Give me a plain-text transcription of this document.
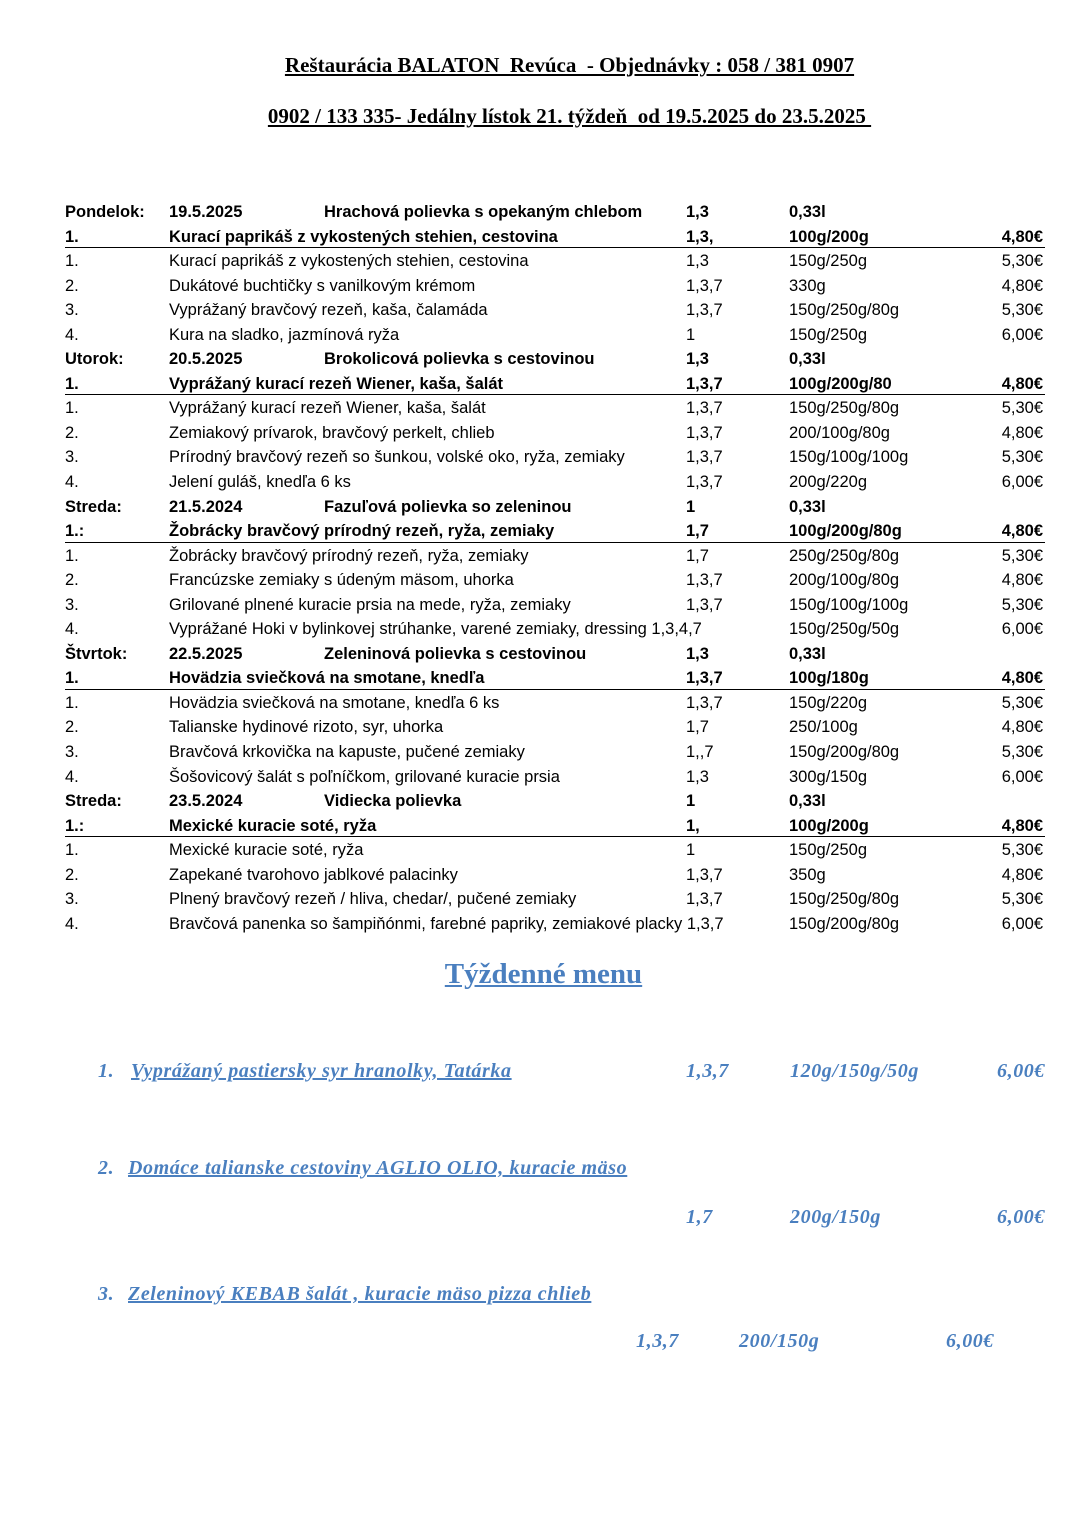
Reštaurácia BALATON  Revúca  - Objednávky : 058 / 381 0907
0902 / 133 335- Jedálny lístok 21. týždeň  od 19.5.2025 do 23.5.2025
Pondelok: 19.5.2025	Hrachová polievka s opekaným chlebom	1,3	0,33l
1.	Kurací paprikáš z vykostených stehien, cestovina	1,3,	100g/200g	4,80€
1.	Kurací paprikáš z vykostených stehien, cestovina	1,3	150g/250g	5,30€
2.	Dukátové buchtičky s vanilkovým krémom	1,3,7	330g	4,80€
3.	Vyprážaný bravčový rezeň, kaša, čalamáda	1,3,7	150g/250g/80g	5,30€
4.	Kura na sladko, jazmínová ryža	1	150g/250g	6,00€
Utorok:	20.5.2025	Brokolicová polievka s cestovinou	1,3	0,33l
1.	Vyprážaný kurací rezeň Wiener, kaša, šalát	1,3,7	100g/200g/80	4,80€
1.	Vyprážaný kurací rezeň Wiener, kaša, šalát	1,3,7	150g/250g/80g	5,30€
2.	Zemiakový prívarok, bravčový perkelt, chlieb	1,3,7	200/100g/80g	4,80€
3.	Prírodný bravčový rezeň so šunkou, volské oko, ryža, zemiaky	1,3,7	150g/100g/100g	5,30€
4.	Jelení guláš, knedľa 6 ks	1,3,7	200g/220g	6,00€
Streda:	21.5.2024	Fazuľová polievka so zeleninou	1	0,33l
1.:	Žobrácky bravčový prírodný rezeň, ryža, zemiaky	1,7	100g/200g/80g	4,80€
1.	Žobrácky bravčový prírodný rezeň, ryža, zemiaky	1,7	250g/250g/80g	5,30€
2.	Francúzske zemiaky s údeným mäsom, uhorka	1,3,7	200g/100g/80g	4,80€
3.	Grilované plnené kuracie prsia na mede, ryža, zemiaky	1,3,7	150g/100g/100g	5,30€
4.	Vyprážané Hoki v bylinkovej strúhanke, varené zemiaky, dressing 1,3,4,7	150g/250g/50g	6,00€
Štvrtok:	22.5.2025	Zeleninová polievka s cestovinou	1,3	0,33l
1.	Hovädzia sviečková na smotane, knedľa	1,3,7	100g/180g	4,80€
1.	Hovädzia sviečková na smotane, knedľa 6 ks	1,3,7	150g/220g	5,30€
2.	Talianske hydinové rizoto, syr, uhorka	1,7	250/100g	4,80€
3.	Bravčová krkovička na kapuste, pučené zemiaky	1,,7	150g/200g/80g	5,30€
4.	Šošovicový šalát s poľníčkom, grilované kuracie prsia	1,3	300g/150g	6,00€
Streda:	23.5.2024	Vidiecka polievka	1	0,33l
1.:	Mexické kuracie soté, ryža	1,	100g/200g	4,80€
1.	Mexické kuracie soté, ryža	1	150g/250g	5,30€
2.	Zapekané tvarohovo jablkové palacinky	1,3,7	350g	4,80€
3.	Plnený bravčový rezeň / hliva, chedar/, pučené zemiaky	1,3,7	150g/250g/80g	5,30€
4.	Bravčová panenka so šampiňónmi, farebné papriky, zemiakové placky 1,3,7	150g/200g/80g	6,00€
Týždenné menu
1. Vyprážaný pastiersky syr hranolky, Tatárka	1,3,7	120g/150g/50g	6,00€
2. Domáce talianske cestoviny AGLIO OLIO, kuracie mäso
1,7	200g/150g	6,00€
3. Zeleninový KEBAB šalát , kuracie mäso pizza chlieb
1,3,7	200/150g	6,00€
